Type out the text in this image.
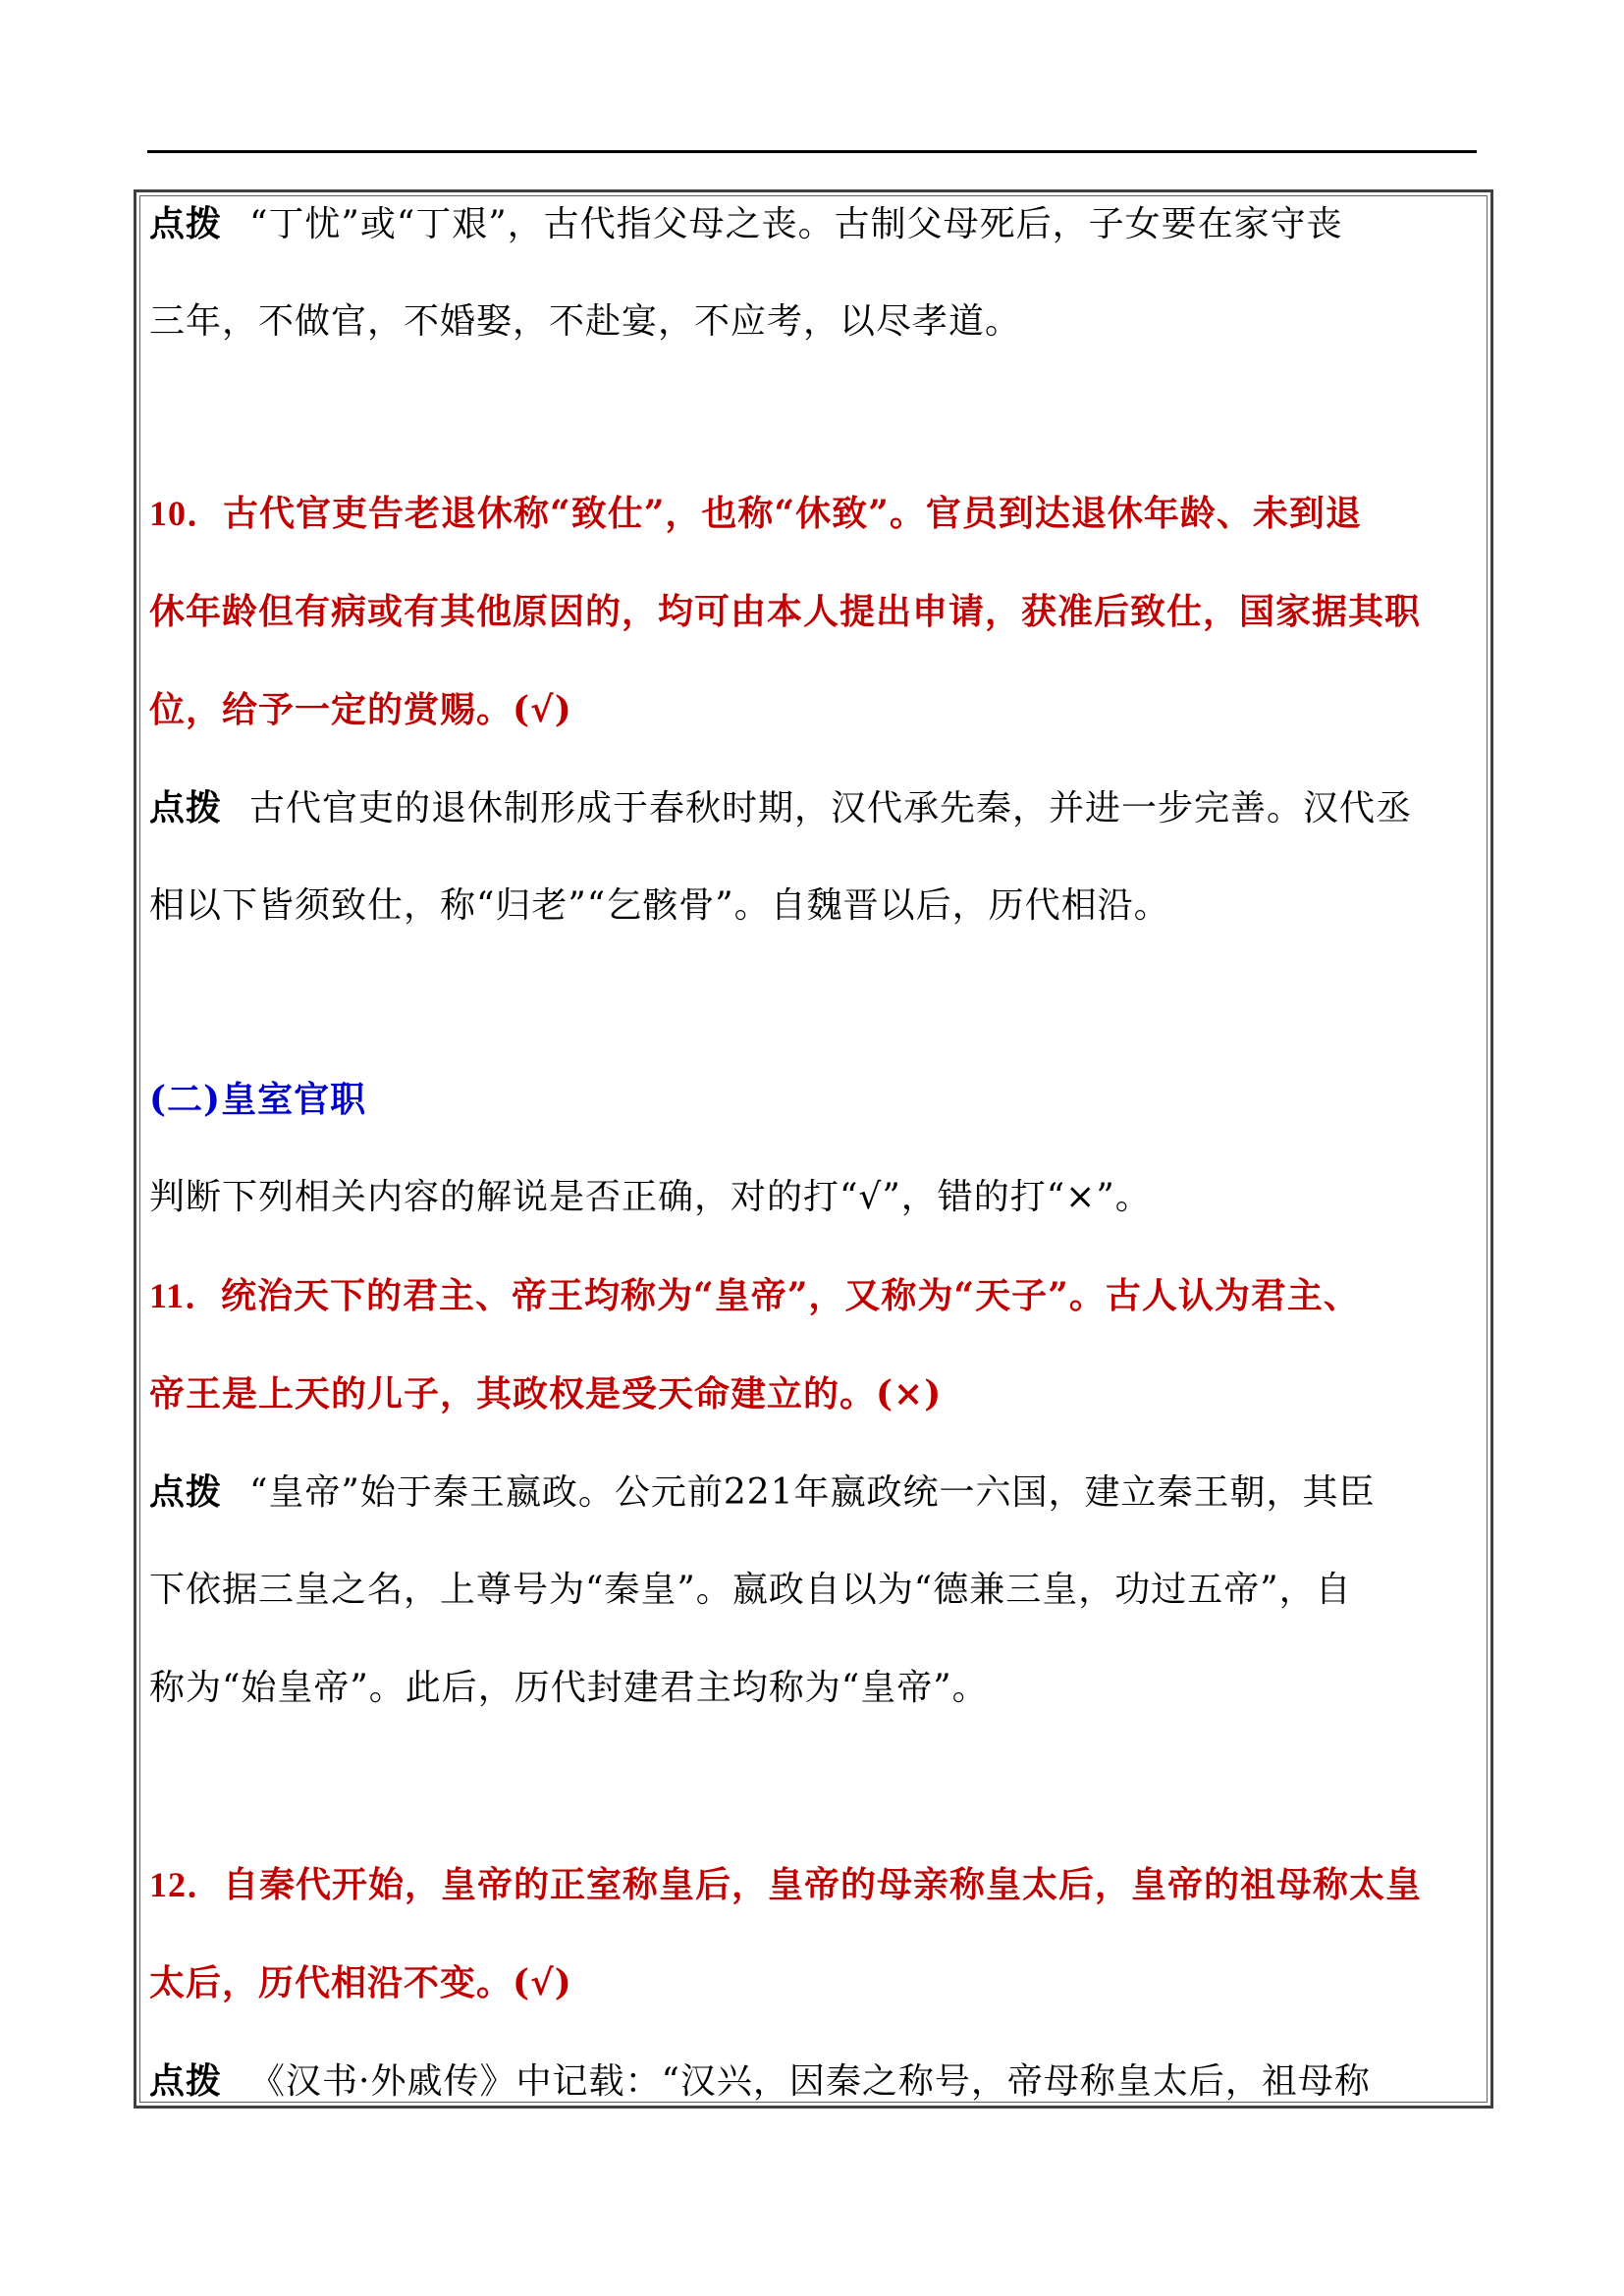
点拨 “丁忧”或“丁艰”，古代指父母之丧。古制父母死后，子女要在家守丧
三年，不做官，不婚娶，不赴宴，不应考，以尽孝道。
10．古代官吏告老退休称“致仕”，也称“休致”。官员到达退休年龄、未到退
休年龄但有病或有其他原因的，均可由本人提出申请，获准后致仕，国家据其职
位，给予一定的赏赐。(√)
点拨 古代官吏的退休制形成于春秋时期，汉代承先秦，并进一步完善。汉代丞
相以下皆须致仕，称“归老”“乞骸骨”。自魏晋以后，历代相沿。
(二)皇室官职
判断下列相关内容的解说是否正确，对的打“√”，错的打“×”。
11．统治天下的君主、帝王均称为“皇帝”，又称为“天子”。古人认为君主、
帝王是上天的儿子，其政权是受天命建立的。(×)
点拨 “皇帝”始于秦王嬴政。公元前221年嬴政统一六国，建立秦王朝，其臣
下依据三皇之名，上尊号为“秦皇”。嬴政自以为“德兼三皇，功过五帝”，自
称为“始皇帝”。此后，历代封建君主均称为“皇帝”。
12．自秦代开始，皇帝的正室称皇后，皇帝的母亲称皇太后，皇帝的祖母称太皇
太后，历代相沿不变。(√)
点拨 《汉书·外戚传》中记载：“汉兴，因秦之称号，帝母称皇太后，祖母称
